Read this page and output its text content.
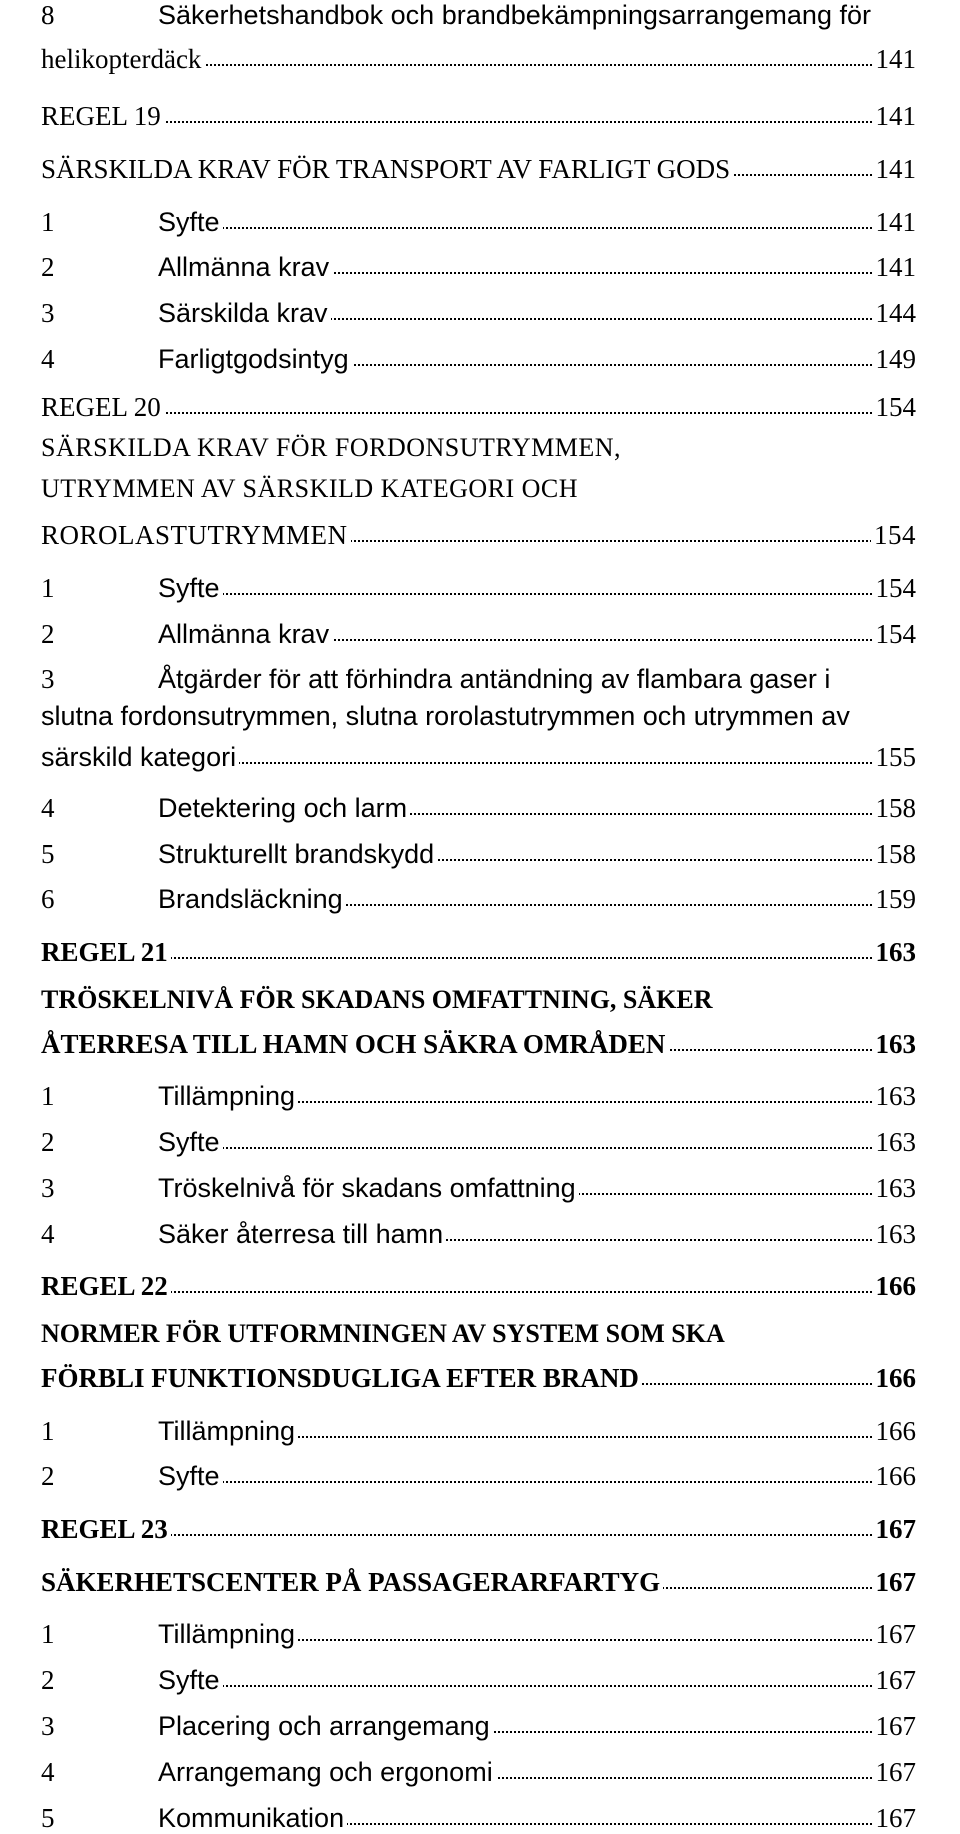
8	Säkerhetshandbok och brandbekämpningsarrangemang för
helikopterdäck	141
REGEL 19	141
SÄRSKILDA KRAV FÖR TRANSPORT AV FARLIGT GODS	141
1	Syfte	141
2	Allmänna krav	141
3	Särskilda krav	144
4	Farligtgodsintyg	149
REGEL 20	154
SÄRSKILDA KRAV FÖR FORDONSUTRYMMEN,
UTRYMMEN AV SÄRSKILD KATEGORI OCH
ROROLASTUTRYMMEN	154
1	Syfte	154
2	Allmänna krav	154
3	Åtgärder för att förhindra antändning av flambara gaser i
slutna fordonsutrymmen, slutna rorolastutrymmen och utrymmen av
särskild kategori	155
4	Detektering och larm	158
5	Strukturellt brandskydd	158
6	Brandsläckning	159
REGEL 21	163
TRÖSKELNIVÅ FÖR SKADANS OMFATTNING, SÄKER
ÅTERRESA TILL HAMN OCH SÄKRA OMRÅDEN	163
1	Tillämpning	163
2	Syfte	163
3	Tröskelnivå för skadans omfattning	163
4	Säker återresa till hamn	163
REGEL 22	166
NORMER FÖR UTFORMNINGEN AV SYSTEM SOM SKA
FÖRBLI FUNKTIONSDUGLIGA EFTER BRAND	166
1	Tillämpning	166
2	Syfte	166
REGEL 23	167
SÄKERHETSCENTER PÅ PASSAGERARFARTYG	167
1	Tillämpning	167
2	Syfte	167
3	Placering och arrangemang	167
4	Arrangemang och ergonomi	167
5	Kommunikation	167
